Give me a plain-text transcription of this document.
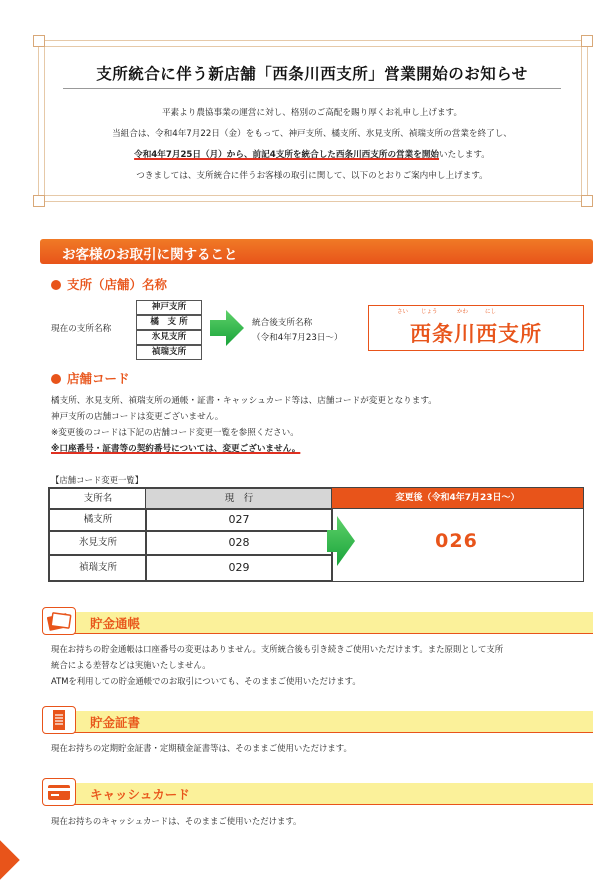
支所統合に伴う新店舗「西条川西支所」営業開始のお知らせ
平素より農協事業の運営に対し、格別のご高配を賜り厚くお礼申し上げます。
当組合は、令和4年7月22日（金）をもって、神戸支所、橘支所、氷見支所、禎瑞支所の営業を終了し、
令和4年7月25日（月）から、前記4支所を統合した西条川西支所の営業を開始いたします。
つきましては、支所統合に伴うお客様の取引に関して、以下のとおりご案内申し上げます。
お客様のお取引に関すること
支所（店舗）名称
現在の支所名称
神戸支所
橘　支 所
氷見支所
禎瑞支所
統合後支所名称
（令和4年7月23日～）
さい じょう	かわ	にし
西条川西支所
店舗コード
橘支所、氷見支所、禎瑞支所の通帳・証書・キャッシュカード等は、店舗コードが変更となります。
神戸支所の店舗コードは変更ございません。
※変更後のコードは下記の店舗コード変更一覧を参照ください。
※口座番号・証書等の契約番号については、変更ございません。
【店舗コード変更一覧】
支所名	現　行
橘支所	027
氷見支所	028
禎瑞支所	029
変更後（令和4年7月23日～）
026
貯金通帳
現在お持ちの貯金通帳は口座番号の変更はありません。支所統合後も引き続きご使用いただけます。また原則として支所
統合による差替などは実施いたしません。
ATMを利用しての貯金通帳でのお取引についても、そのままご使用いただけます。
貯金証書
現在お持ちの定期貯金証書・定期積金証書等は、そのままご使用いただけます。
キャッシュカード
現在お持ちのキャッシュカードは、そのままご使用いただけます。
